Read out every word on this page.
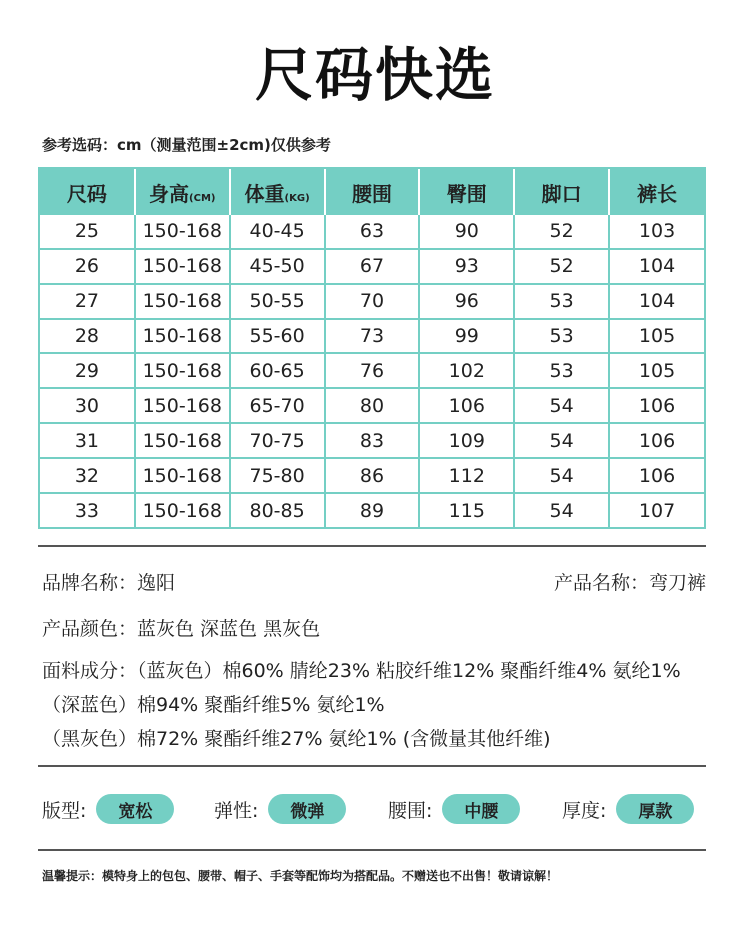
尺码快选
参考选码：cm（测量范围±2cm)仅供参考
尺码	身高(CM)	体重(KG)	腰围	臀围	脚口	裤长
25	150-168	40-45	63	90	52	103
26	150-168	45-50	67	93	52	104
27	150-168	50-55	70	96	53	104
28	150-168	55-60	73	99	53	105
29	150-168	60-65	76	102	53	105
30	150-168	65-70	80	106	54	106
31	150-168	70-75	83	109	54	106
32	150-168	75-80	86	112	54	106
33	150-168	80-85	89	115	54	107
品牌名称：逸阳	产品名称：弯刀裤
产品颜色：蓝灰色 深蓝色 黑灰色
面料成分：（蓝灰色）棉60% 腈纶23% 粘胶纤维12% 聚酯纤维4% 氨纶1%
（深蓝色）棉94% 聚酯纤维5% 氨纶1%
（黑灰色）棉72% 聚酯纤维27% 氨纶1% (含微量其他纤维)
版型:	宽松	弹性:	微弹	腰围:	中腰	厚度:	厚款
温馨提示：模特身上的包包、腰带、帽子、手套等配饰均为搭配品。不赠送也不出售！敬请谅解！
